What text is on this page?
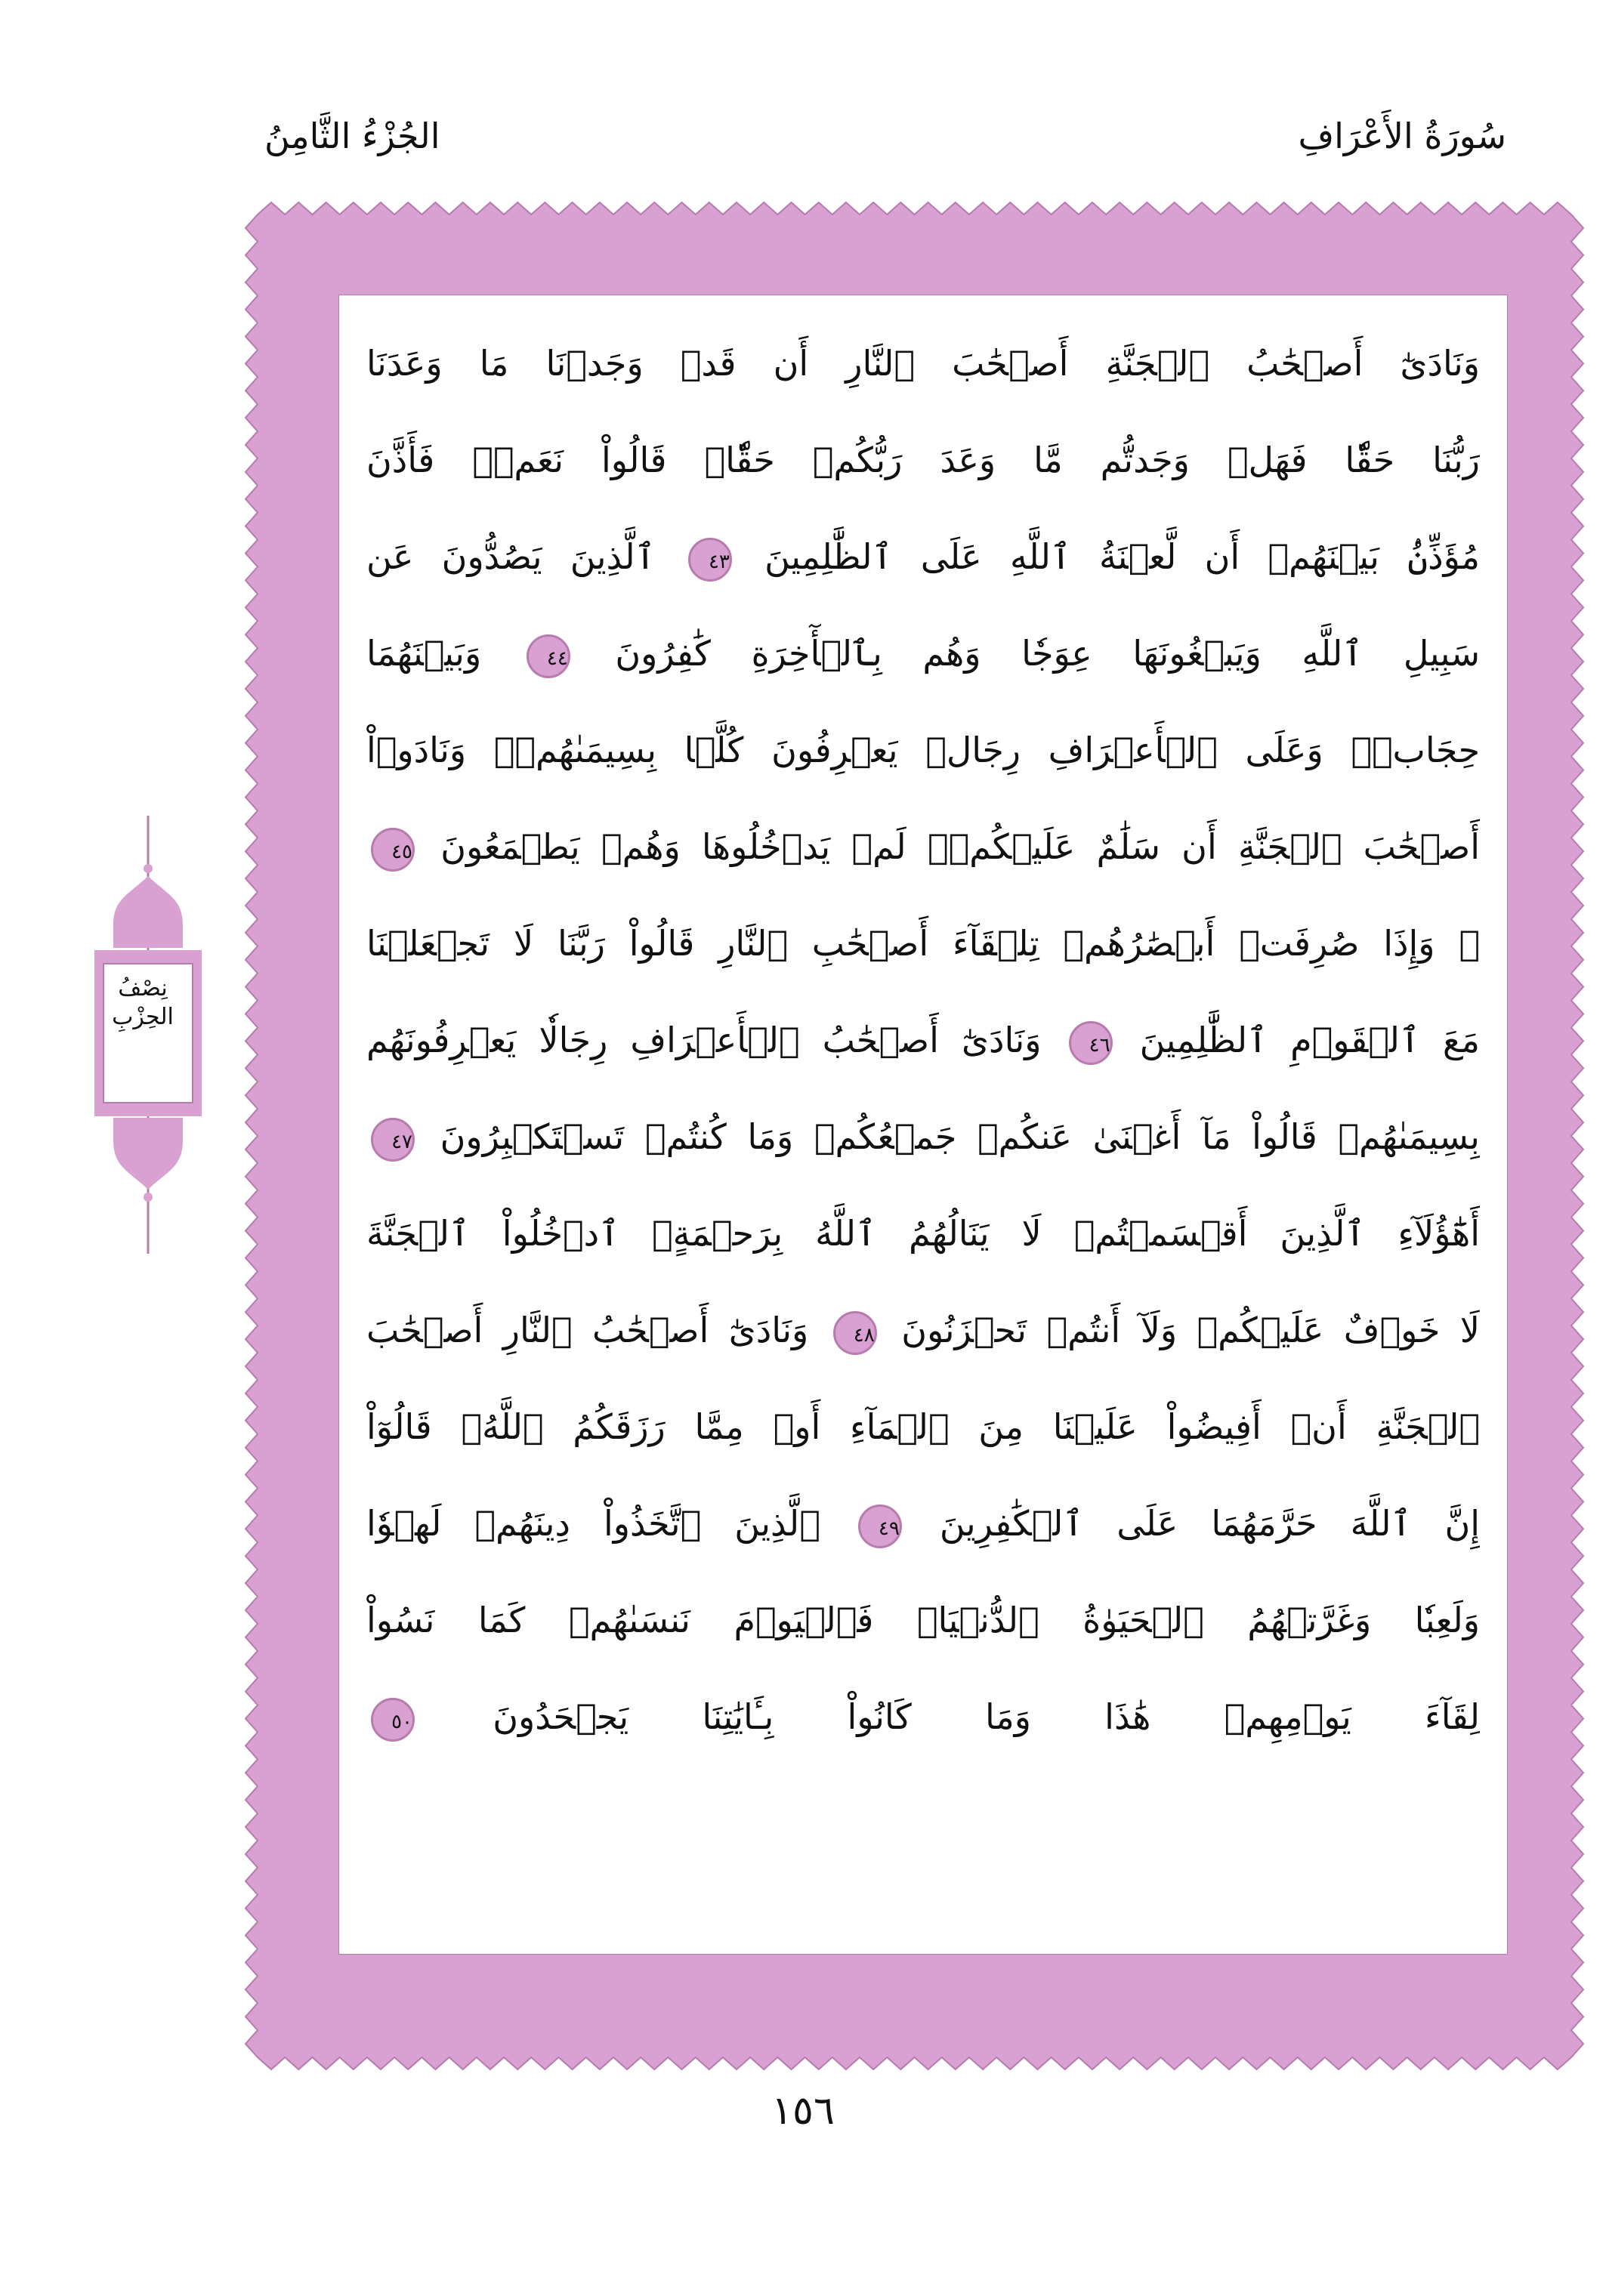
سُورَةُ الأَعْرَافِ
الجُزْءُ الثَّامِنُ
وَنَادَىٰٓ أَصۡحَٰبُ ٱلۡجَنَّةِ أَصۡحَٰبَ ٱلنَّارِ أَن قَدۡ وَجَدۡنَا مَا وَعَدَنَا
رَبُّنَا حَقّٗا فَهَلۡ وَجَدتُّم مَّا وَعَدَ رَبُّكُمۡ حَقّٗاۖ قَالُواْ نَعَمۡۚ فَأَذَّنَ
مُؤَذِّنُۢ بَيۡنَهُمۡ أَن لَّعۡنَةُ ٱللَّهِ عَلَى ٱلظَّٰلِمِينَ ٤٣ ٱلَّذِينَ يَصُدُّونَ عَن
سَبِيلِ ٱللَّهِ وَيَبۡغُونَهَا عِوَجٗا وَهُم بِٱلۡأٓخِرَةِ كَٰفِرُونَ ٤٤ وَبَيۡنَهُمَا
حِجَابٞۚ وَعَلَى ٱلۡأَعۡرَافِ رِجَالٞ يَعۡرِفُونَ كُلَّۢا بِسِيمَىٰهُمۡۚ وَنَادَوۡاْ
أَصۡحَٰبَ ٱلۡجَنَّةِ أَن سَلَٰمٌ عَلَيۡكُمۡۚ لَمۡ يَدۡخُلُوهَا وَهُمۡ يَطۡمَعُونَ ٤٥
۞ وَإِذَا صُرِفَتۡ أَبۡصَٰرُهُمۡ تِلۡقَآءَ أَصۡحَٰبِ ٱلنَّارِ قَالُواْ رَبَّنَا لَا تَجۡعَلۡنَا
مَعَ ٱلۡقَوۡمِ ٱلظَّٰلِمِينَ ٤٦ وَنَادَىٰٓ أَصۡحَٰبُ ٱلۡأَعۡرَافِ رِجَالٗا يَعۡرِفُونَهُم
بِسِيمَىٰهُمۡ قَالُواْ مَآ أَغۡنَىٰ عَنكُمۡ جَمۡعُكُمۡ وَمَا كُنتُمۡ تَسۡتَكۡبِرُونَ ٤٧
أَهَٰٓؤُلَآءِ ٱلَّذِينَ أَقۡسَمۡتُمۡ لَا يَنَالُهُمُ ٱللَّهُ بِرَحۡمَةٍۚ ٱدۡخُلُواْ ٱلۡجَنَّةَ
لَا خَوۡفٌ عَلَيۡكُمۡ وَلَآ أَنتُمۡ تَحۡزَنُونَ ٤٨ وَنَادَىٰٓ أَصۡحَٰبُ ٱلنَّارِ أَصۡحَٰبَ
ٱلۡجَنَّةِ أَنۡ أَفِيضُواْ عَلَيۡنَا مِنَ ٱلۡمَآءِ أَوۡ مِمَّا رَزَقَكُمُ ٱللَّهُۚ قَالُوٓاْ
إِنَّ ٱللَّهَ حَرَّمَهُمَا عَلَى ٱلۡكَٰفِرِينَ ٤٩ ٱلَّذِينَ ٱتَّخَذُواْ دِينَهُمۡ لَهۡوٗا
وَلَعِبٗا وَغَرَّتۡهُمُ ٱلۡحَيَوٰةُ ٱلدُّنۡيَاۚ فَٱلۡيَوۡمَ نَنسَىٰهُمۡ كَمَا نَسُواْ
لِقَآءَ يَوۡمِهِمۡ هَٰذَا وَمَا كَانُواْ بِـَٔايَٰتِنَا يَجۡحَدُونَ ٥٠
نِصْفُ
الحِزْبِ
١٥٦
